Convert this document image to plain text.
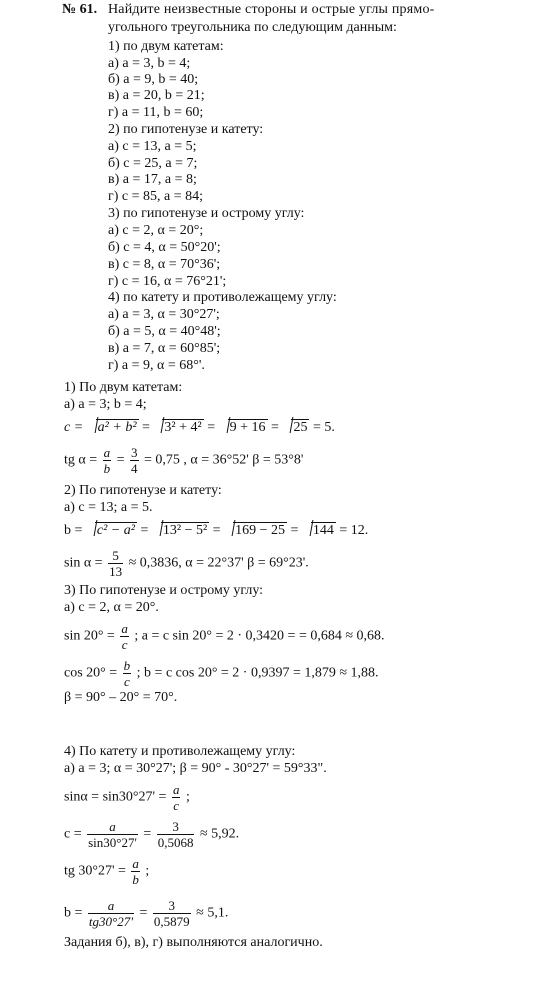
№ 61. Найдите неизвестные стороны и острые углы прямо-
угольного треугольника по следующим данным:
1) по двум катетам:
а) a = 3, b = 4;
б) a = 9, b = 40;
в) a = 20, b = 21;
г) a = 11, b = 60;
2) по гипотенузе и катету:
а) c = 13, a = 5;
б) c = 25, a = 7;
в) a = 17, a = 8;
г) c = 85, a = 84;
3) по гипотенузе и острому углу:
а) c = 2, α = 20°;
б) c = 4, α = 50°20';
в) c = 8, α = 70°36';
г) c = 16, α = 76°21';
4) по катету и противолежащему углу:
а) a = 3, α = 30°27';
б) a = 5, α = 40°48';
в) a = 7, α = 60°85';
г) a = 9, α = 68°'.
1) По двум катетам:
а) a = 3; b = 4;
c = a² + b² = 3² + 4² = 9 + 16 = 25 = 5.
tg $\alpha = \frac{a}{b} = \frac{3}{4} = 0,75$ , α = 36°52' β = 53°8'
2) По гипотенузе и катету:
а) c = 13; a = 5.
b = c² − a² = 13² − 5² = 169 − 25 = 144 = 12.
$\sin \alpha = \frac{5}{13} \approx 0,3836$, α = 22°37' β = 69°23'.
3) По гипотенузе и острому углу:
а) c = 2, α = 20°.
$\sin 20^\circ = \frac{a}{c}$ ; a = c sin 20° = 2 · 0,3420 = = 0,684 ≈ 0,68.
$\cos 20^\circ = \frac{b}{c}$ ; b = c cos 20° = 2 · 0,9397 = 1,879 ≈ 1,88.
β = 90° – 20° = 70°.
4) По катету и противолежащему углу:
а) a = 3; α = 30°27'; β = 90° - 30°27' = 59°33".
$\sin\alpha = \sin 30^\circ 27' = \frac{a}{c}$ ;
$c = \frac{a}{\sin 30^\circ 27'} = \frac{3}{0,5068} \approx 5,92$.
tg $30^\circ 27' = \frac{a}{b}$ ;
$b = \frac{a}{tg30^\circ 27'} = \frac{3}{0,5879} \approx 5,1$.
Задания б), в), г) выполняются аналогично.
